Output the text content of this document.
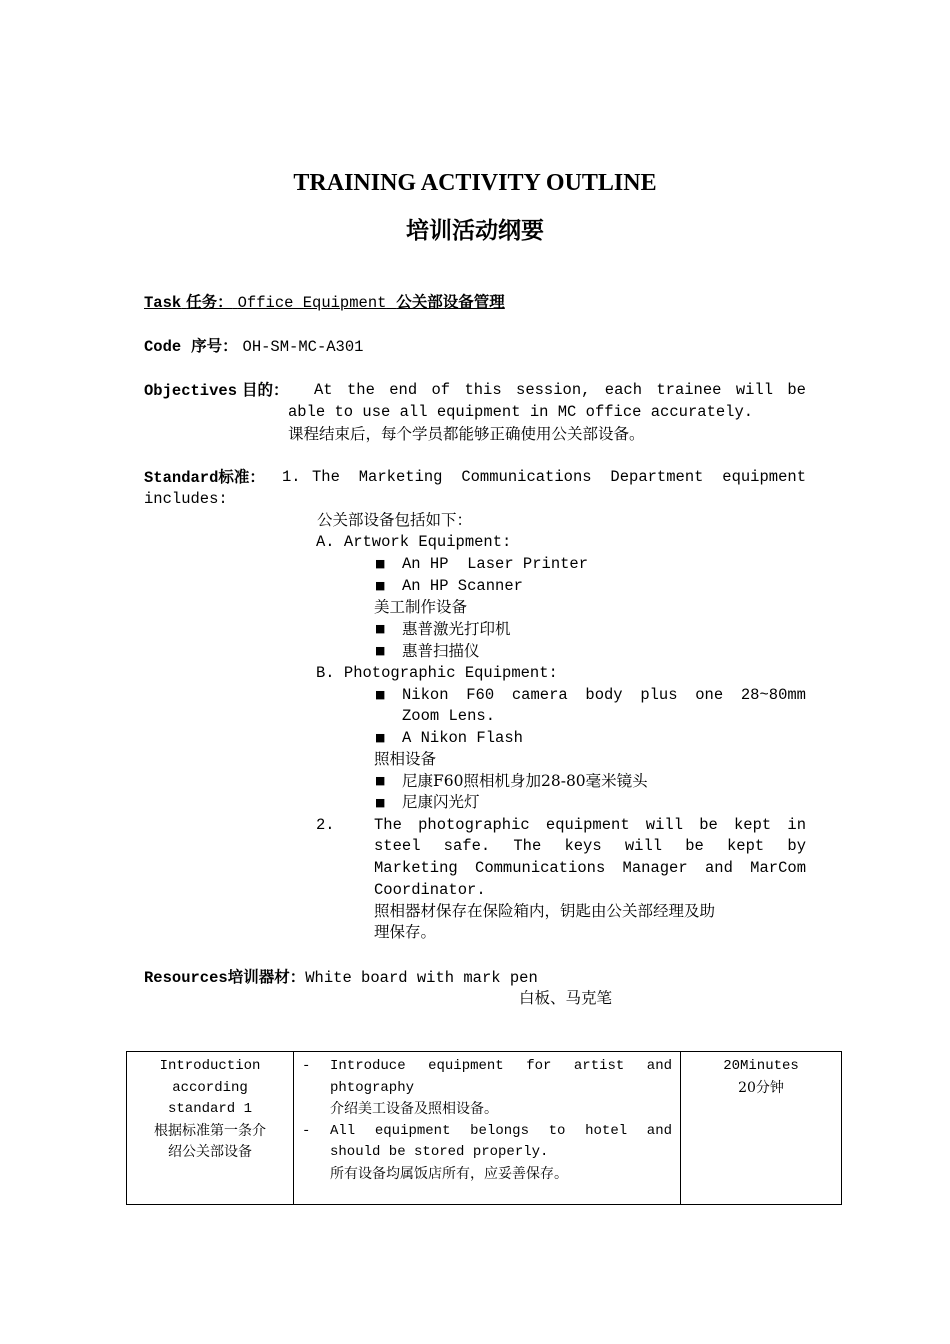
TRAINING ACTIVITY OUTLINE
培训活动纲要
Task 任务： Office Equipment 公关部设备管理
Code 序号： OH-SM-MC-A301
Objectives 目的： At the end of this session, each trainee will be
able to use all equipment in MC office accurately.
课程结束后，每个学员都能够正确使用公关部设备。
Standard标准： 1. The Marketing Communications Department equipment
includes:
公关部设备包括如下：
A. Artwork Equipment:
■ An HP  Laser Printer
■ An HP Scanner
美工制作设备
■ 惠普激光打印机
■ 惠普扫描仪
B. Photographic Equipment:
■ Nikon F60 camera body plus one 28~80mm
Zoom Lens.
■ A Nikon Flash
照相设备
■ 尼康F60照相机身加28-80毫米镜头
■ 尼康闪光灯
2.	The photographic equipment will be kept in
steel safe. The keys will be kept by
Marketing Communications Manager and MarCom
Coordinator.
照相器材保存在保险箱内，钥匙由公关部经理及助
理保存。
Resources培训器材：White board with mark pen
白板、马克笔
Introduction
according
standard 1
根据标准第一条介
绍公关部设备

-	Introduce equipment for artist and
phtography
介绍美工设备及照相设备。
-	All equipment belongs to hotel and
should be stored properly.
所有设备均属饭店所有，应妥善保存。

20Minutes
20分钟
